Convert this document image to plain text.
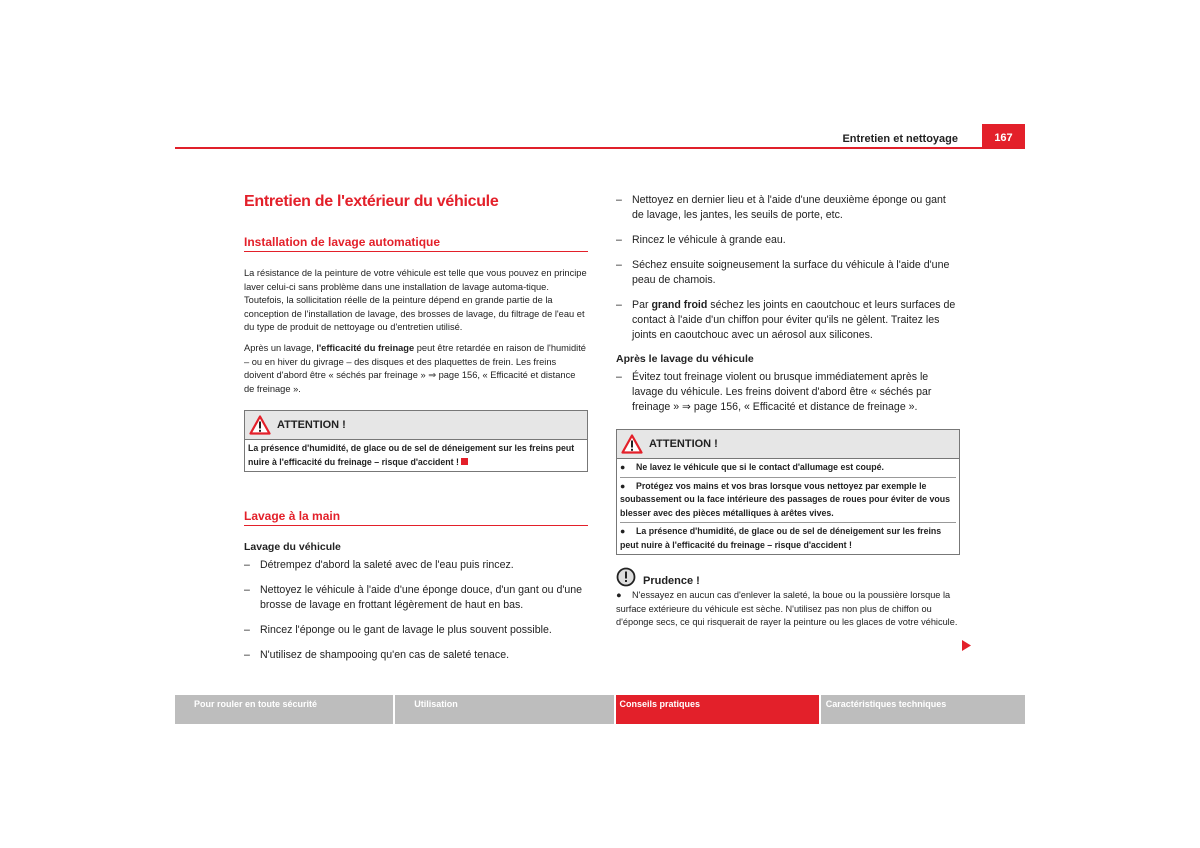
Entretien et nettoyage	167
Entretien de l'extérieur du véhicule
Installation de lavage automatique

La résistance de la peinture de votre véhicule est telle que vous pouvez en principe laver celui-ci sans problème dans une installation de lavage automa-tique. Toutefois, la sollicitation réelle de la peinture dépend en grande partie de la conception de l'installation de lavage, des brosses de lavage, du filtrage de l'eau et du type de produit de nettoyage ou d'entretien utilisé.

Après un lavage, l'efficacité du freinage peut être retardée en raison de l'humidité – ou en hiver du givrage – des disques et des plaquettes de frein. Les freins doivent d'abord être « séchés par freinage » ⇒ page 156, « Efficacité et distance de freinage ».

ATTENTION !
La présence d'humidité, de glace ou de sel de déneigement sur les freins peut nuire à l'efficacité du freinage – risque d'accident !
Lavage à la main
Lavage du véhicule
– Détrempez d'abord la saleté avec de l'eau puis rincez.
– Nettoyez le véhicule à l'aide d'une éponge douce, d'un gant ou d'une brosse de lavage en frottant légèrement de haut en bas.
– Rincez l'éponge ou le gant de lavage le plus souvent possible.
– N'utilisez de shampooing qu'en cas de saleté tenace.
– Nettoyez en dernier lieu et à l'aide d'une deuxième éponge ou gant de lavage, les jantes, les seuils de porte, etc.
– Rincez le véhicule à grande eau.
– Séchez ensuite soigneusement la surface du véhicule à l'aide d'une peau de chamois.
– Par grand froid séchez les joints en caoutchouc et leurs surfaces de contact à l'aide d'un chiffon pour éviter qu'ils ne gèlent. Traitez les joints en caoutchouc avec un aérosol aux silicones.
Après le lavage du véhicule
– Évitez tout freinage violent ou brusque immédiatement après le lavage du véhicule. Les freins doivent d'abord être « séchés par freinage » ⇒ page 156, « Efficacité et distance de freinage ».
ATTENTION !

● Ne lavez le véhicule que si le contact d'allumage est coupé.

● Protégez vos mains et vos bras lorsque vous nettoyez par exemple le soubassement ou la face intérieure des passages de roues pour éviter de vous blesser avec des pièces métalliques à arêtes vives.

● La présence d'humidité, de glace ou de sel de déneigement sur les freins peut nuire à l'efficacité du freinage – risque d'accident !

Prudence !

● N'essayez en aucun cas d'enlever la saleté, la boue ou la poussière lorsque la surface extérieure du véhicule est sèche. N'utilisez pas non plus de chiffon ou d'éponge secs, ce qui risquerait de rayer la peinture ou les glaces de votre véhicule.

Pour rouler en toute sécurité	Utilisation	Conseils pratiques	Caractéristiques techniques
